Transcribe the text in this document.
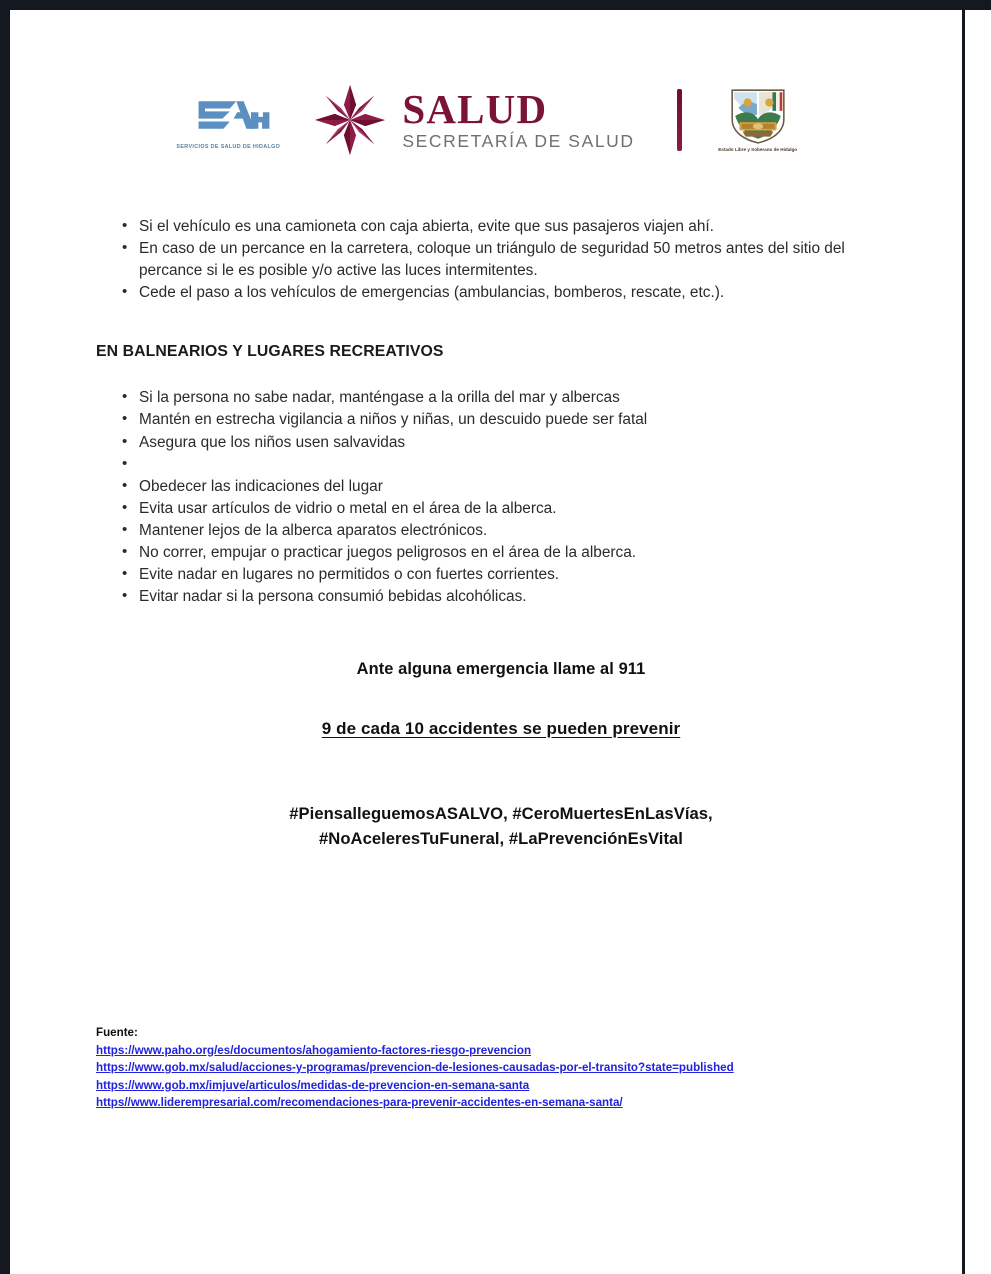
SERVICIOS DE SALUD DE HIDALGO
SALUD
SECRETARÍA DE SALUD	Estado Libre y Soberano de Hidalgo
• Si el vehículo es una camioneta con caja abierta, evite que sus pasajeros viajen ahí.
• En caso de un percance en la carretera, coloque un triángulo de seguridad 50 metros antes del sitio del percance si le es posible y/o active las luces intermitentes.
• Cede el paso a los vehículos de emergencias (ambulancias, bomberos, rescate, etc.).
EN BALNEARIOS Y LUGARES RECREATIVOS
• Si la persona no sabe nadar, manténgase a la orilla del mar y albercas
• Mantén en estrecha vigilancia a niños y niñas, un descuido puede ser fatal
• Asegura que los niños usen salvavidas
•
• Obedecer las indicaciones del lugar
• Evita usar artículos de vidrio o metal en el área de la alberca.
• Mantener lejos de la alberca aparatos electrónicos.
• No correr, empujar o practicar juegos peligrosos en el área de la alberca.
• Evite nadar en lugares no permitidos o con fuertes corrientes.
• Evitar nadar si la persona consumió bebidas alcohólicas.
Ante alguna emergencia llame al 911
9 de cada 10 accidentes se pueden prevenir
#PiensalleguemosASALVO, #CeroMuertesEnLasVías,
#NoAceleresTuFuneral, #LaPrevenciónEsVital
Fuente:
https://www.paho.org/es/documentos/ahogamiento-factores-riesgo-prevencion
https://www.gob.mx/salud/acciones-y-programas/prevencion-de-lesiones-causadas-por-el-transito?state=published
https://www.gob.mx/imjuve/articulos/medidas-de-prevencion-en-semana-santa
https//www.liderempresarial.com/recomendaciones-para-prevenir-accidentes-en-semana-santa/
